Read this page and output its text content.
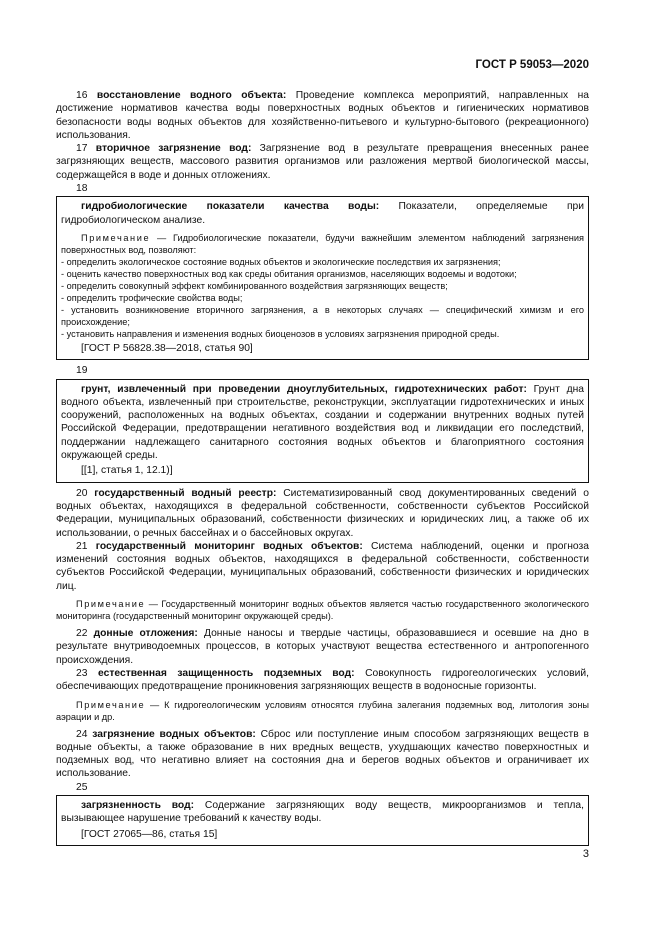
ГОСТ Р 59053—2020

16 восстановление водного объекта: Проведение комплекса мероприятий, направленных на достижение нормативов качества воды поверхностных водных объектов и гигиенических нормативов безопасности воды водных объектов для хозяйственно-питьевого и культурно-бытового (рекреационного) использования.

17 вторичное загрязнение вод: Загрязнение вод в результате превращения внесенных ранее загрязняющих веществ, массового развития организмов или разложения мертвой биологической массы, содержащейся в воде и донных отложениях.

18

гидробиологические показатели качества воды: Показатели, определяемые при гидробиологическом анализе.

Примечание — Гидробиологические показатели, будучи важнейшим элементом наблюдений загрязнения поверхностных вод, позволяют:

- определить экологическое состояние водных объектов и экологические последствия их загрязнения;

- оценить качество поверхностных вод как среды обитания организмов, населяющих водоемы и водотоки;

- определить совокупный эффект комбинированного воздействия загрязняющих веществ;

- определить трофические свойства воды;

- установить возникновение вторичного загрязнения, а в некоторых случаях — специфический химизм и его происхождение;

- установить направления и изменения водных биоценозов в условиях загрязнения природной среды.

[ГОСТ Р 56828.38—2018, статья 90]

19

грунт, извлеченный при проведении дноуглубительных, гидротехнических работ: Грунт дна водного объекта, извлеченный при строительстве, реконструкции, эксплуатации гидротехнических и иных сооружений, расположенных на водных объектах, создании и содержании внутренних водных путей Российской Федерации, предотвращении негативного воздействия вод и ликвидации его последствий, поддержании надлежащего санитарного состояния водных объектов и благоприятного состояния окружающей среды.

[[1], статья 1, 12.1)]

20 государственный водный реестр: Систематизированный свод документированных сведений о водных объектах, находящихся в федеральной собственности, собственности субъектов Российской Федерации, муниципальных образований, собственности физических и юридических лиц, а также об их использовании, о речных бассейнах и о бассейновых округах.

21 государственный мониторинг водных объектов: Система наблюдений, оценки и прогноза изменений состояния водных объектов, находящихся в федеральной собственности, собственности субъектов Российской Федерации, муниципальных образований, собственности физических и юридических лиц.

Примечание — Государственный мониторинг водных объектов является частью государственного экологического мониторинга (государственный мониторинг окружающей среды).

22 донные отложения: Донные наносы и твердые частицы, образовавшиеся и осевшие на дно в результате внутриводоемных процессов, в которых участвуют вещества естественного и антропогенного происхождения.

23 естественная защищенность подземных вод: Совокупность гидрогеологических условий, обеспечивающих предотвращение проникновения загрязняющих веществ в водоносные горизонты.

Примечание — К гидрогеологическим условиям относятся глубина залегания подземных вод, литология зоны аэрации и др.

24 загрязнение водных объектов: Сброс или поступление иным способом загрязняющих веществ в водные объекты, а также образование в них вредных веществ, ухудшающих качество поверхностных и подземных вод, что негативно влияет на состояния дна и берегов водных объектов и ограничивает их использование.

25

загрязненность вод: Содержание загрязняющих воду веществ, микроорганизмов и тепла, вызывающее нарушение требований к качеству воды.

[ГОСТ 27065—86, статья 15]

3
